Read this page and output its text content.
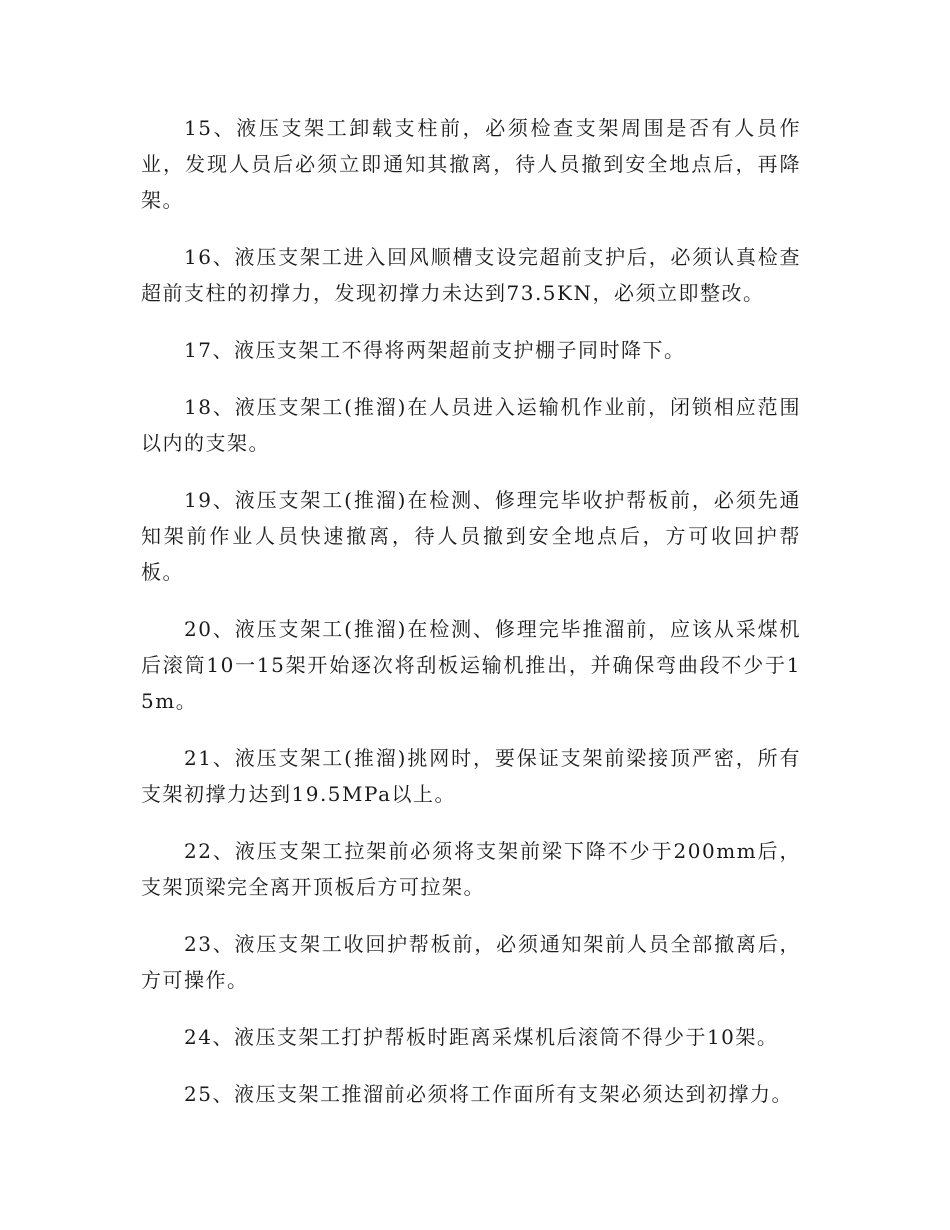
15、液压支架工卸载支柱前，必须检查支架周围是否有人员作业，发现人员后必须立即通知其撤离，待人员撤到安全地点后，再降架。

16、液压支架工进入回风顺槽支设完超前支护后，必须认真检查超前支柱的初撑力，发现初撑力未达到73.5KN，必须立即整改。

17、液压支架工不得将两架超前支护棚子同时降下。

18、液压支架工(推溜)在人员进入运输机作业前，闭锁相应范围以内的支架。

19、液压支架工(推溜)在检测、修理完毕收护帮板前，必须先通知架前作业人员快速撤离，待人员撤到安全地点后，方可收回护帮板。

20、液压支架工(推溜)在检测、修理完毕推溜前，应该从采煤机后滚筒10一15架开始逐次将刮板运输机推出，并确保弯曲段不少于15m。

21、液压支架工(推溜)挑网时，要保证支架前梁接顶严密，所有支架初撑力达到19.5MPa以上。

22、液压支架工拉架前必须将支架前梁下降不少于200mm后，支架顶梁完全离开顶板后方可拉架。

23、液压支架工收回护帮板前，必须通知架前人员全部撤离后，方可操作。

24、液压支架工打护帮板时距离采煤机后滚筒不得少于10架。

25、液压支架工推溜前必须将工作面所有支架必须达到初撑力。
